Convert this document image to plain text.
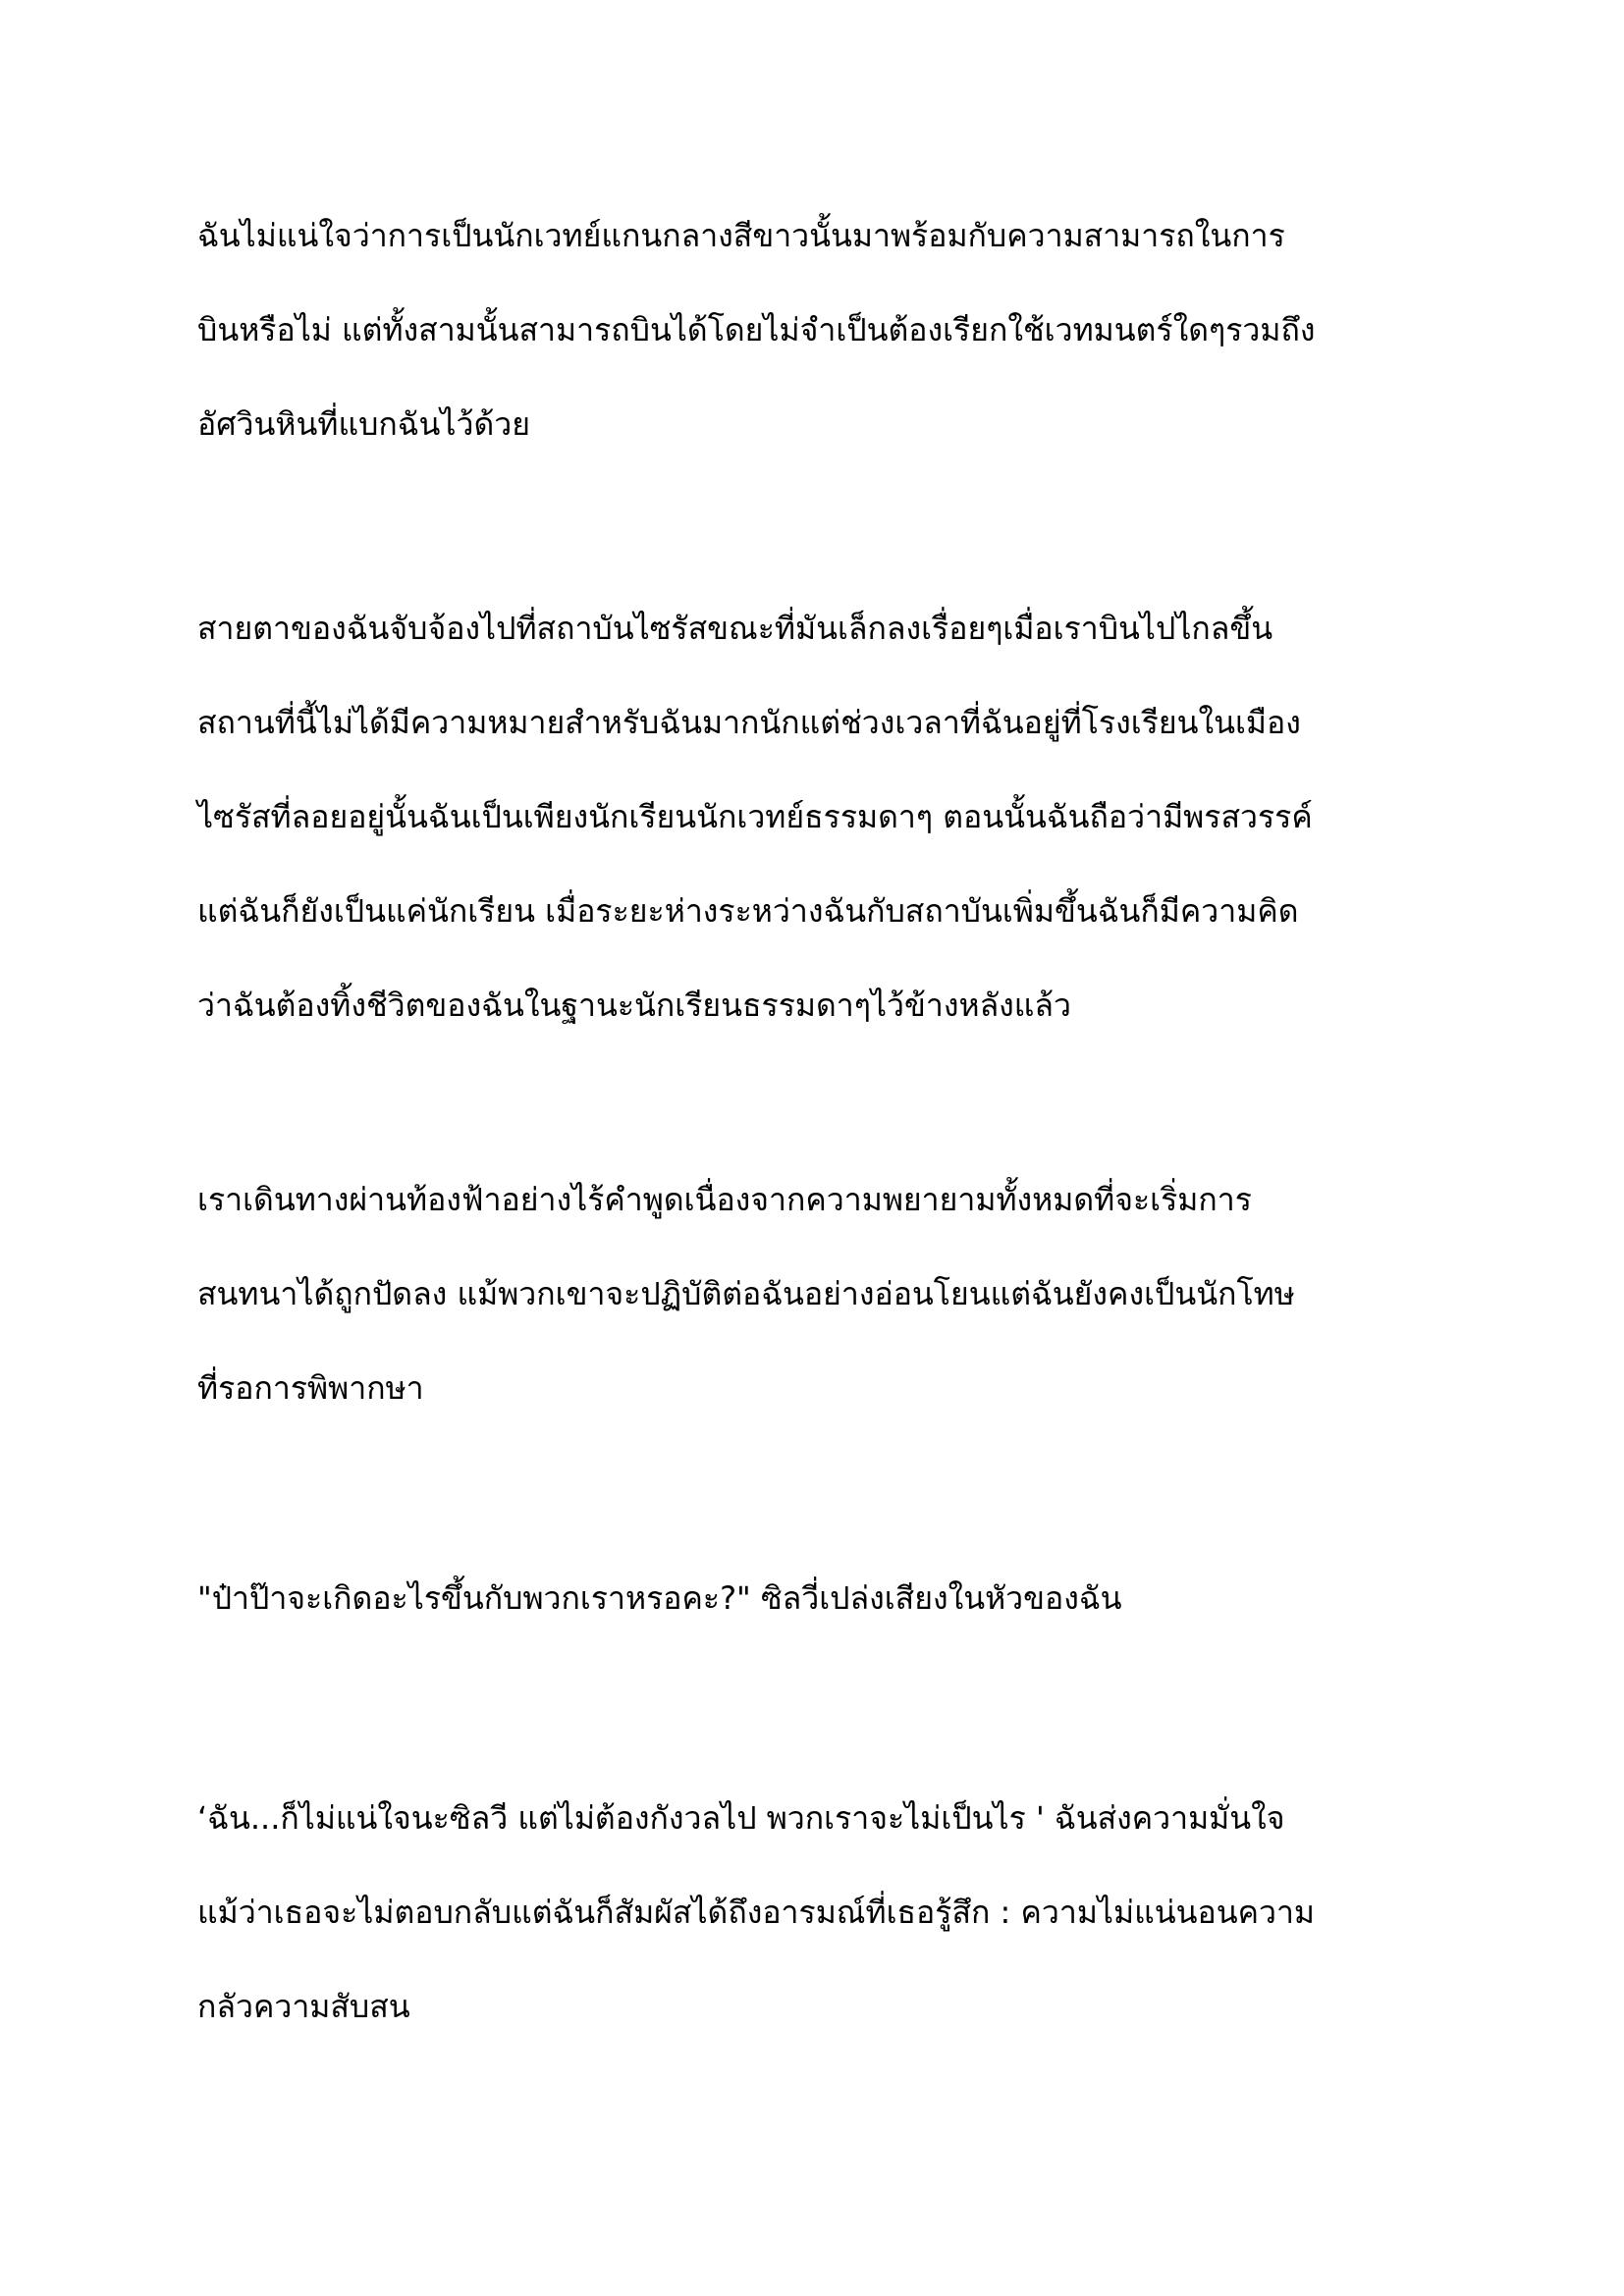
ฉันไม่แน่ใจว่าการเป็นนักเวทย์แกนกลางสีขาวนั้นมาพร้อมกับความสามารถในการ
บินหรือไม่ แต่ทั้งสามนั้นสามารถบินได้โดยไม่จำเป็นต้องเรียกใช้เวทมนตร์ใดๆรวมถึง
อัศวินหินที่แบกฉันไว้ด้วย
สายตาของฉันจับจ้องไปที่สถาบันไซรัสขณะที่มันเล็กลงเรื่อยๆเมื่อเราบินไปไกลขึ้น
สถานที่นี้ไม่ได้มีความหมายสำหรับฉันมากนักแต่ช่วงเวลาที่ฉันอยู่ที่โรงเรียนในเมือง
ไซรัสที่ลอยอยู่นั้นฉันเป็นเพียงนักเรียนนักเวทย์ธรรมดาๆ ตอนนั้นฉันถือว่ามีพรสวรรค์
แต่ฉันก็ยังเป็นแค่นักเรียน เมื่อระยะห่างระหว่างฉันกับสถาบันเพิ่มขึ้นฉันก็มีความคิด
ว่าฉันต้องทิ้งชีวิตของฉันในฐานะนักเรียนธรรมดาๆไว้ข้างหลังแล้ว
เราเดินทางผ่านท้องฟ้าอย่างไร้คำพูดเนื่องจากความพยายามทั้งหมดที่จะเริ่มการ
สนทนาได้ถูกปัดลง แม้พวกเขาจะปฏิบัติต่อฉันอย่างอ่อนโยนแต่ฉันยังคงเป็นนักโทษ
ที่รอการพิพากษา
"ป๋าป๊าจะเกิดอะไรขึ้นกับพวกเราหรอคะ?" ซิลวี่เปล่งเสียงในหัวของฉัน
‘ฉัน...ก็ไม่แน่ใจนะซิลวี แต่ไม่ต้องกังวลไป พวกเราจะไม่เป็นไร ' ฉันส่งความมั่นใจ
แม้ว่าเธอจะไม่ตอบกลับแต่ฉันก็สัมผัสได้ถึงอารมณ์ที่เธอรู้สึก : ความไม่แน่นอนความ
กลัวความสับสน
